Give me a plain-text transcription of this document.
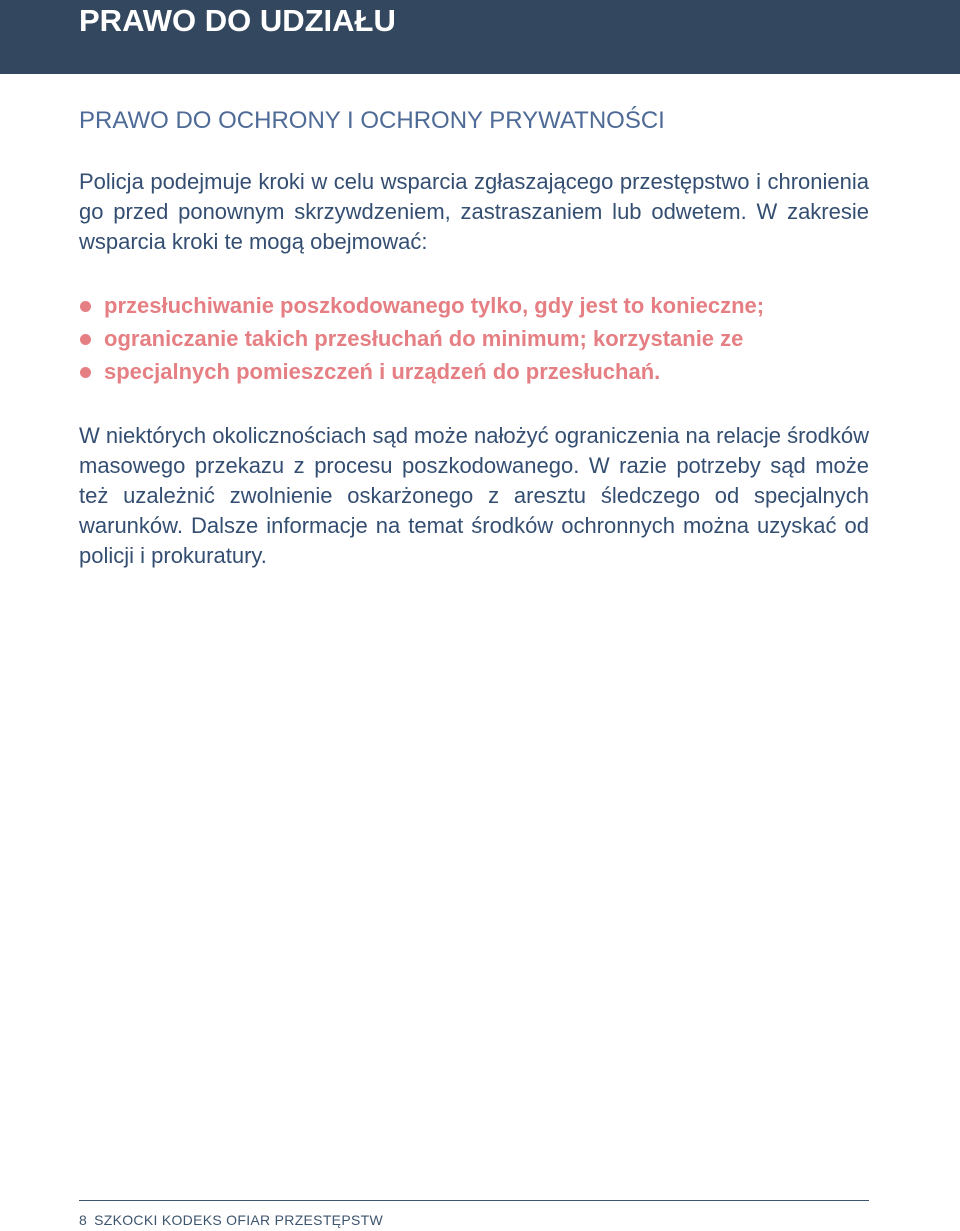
PRAWO DO UDZIAŁU
PRAWO DO OCHRONY I OCHRONY PRYWATNOŚCI

Policja podejmuje kroki w celu wsparcia zgłaszającego przestępstwo i chronienia go przed ponownym skrzywdzeniem, zastraszaniem lub odwetem. W zakresie wsparcia kroki te mogą obejmować:

przesłuchiwanie poszkodowanego tylko, gdy jest to konieczne;
ograniczanie takich przesłuchań do minimum; korzystanie ze
specjalnych pomieszczeń i urządzeń do przesłuchań.

W niektórych okolicznościach sąd może nałożyć ograniczenia na relacje środków masowego przekazu z procesu poszkodowanego. W razie potrzeby sąd może też uzależnić zwolnienie oskarżonego z aresztu śledczego od specjalnych warunków. Dalsze informacje na temat środków ochronnych można uzyskać od policji i prokuratury.

8 SZKOCKI KODEKS OFIAR PRZESTĘPSTW
